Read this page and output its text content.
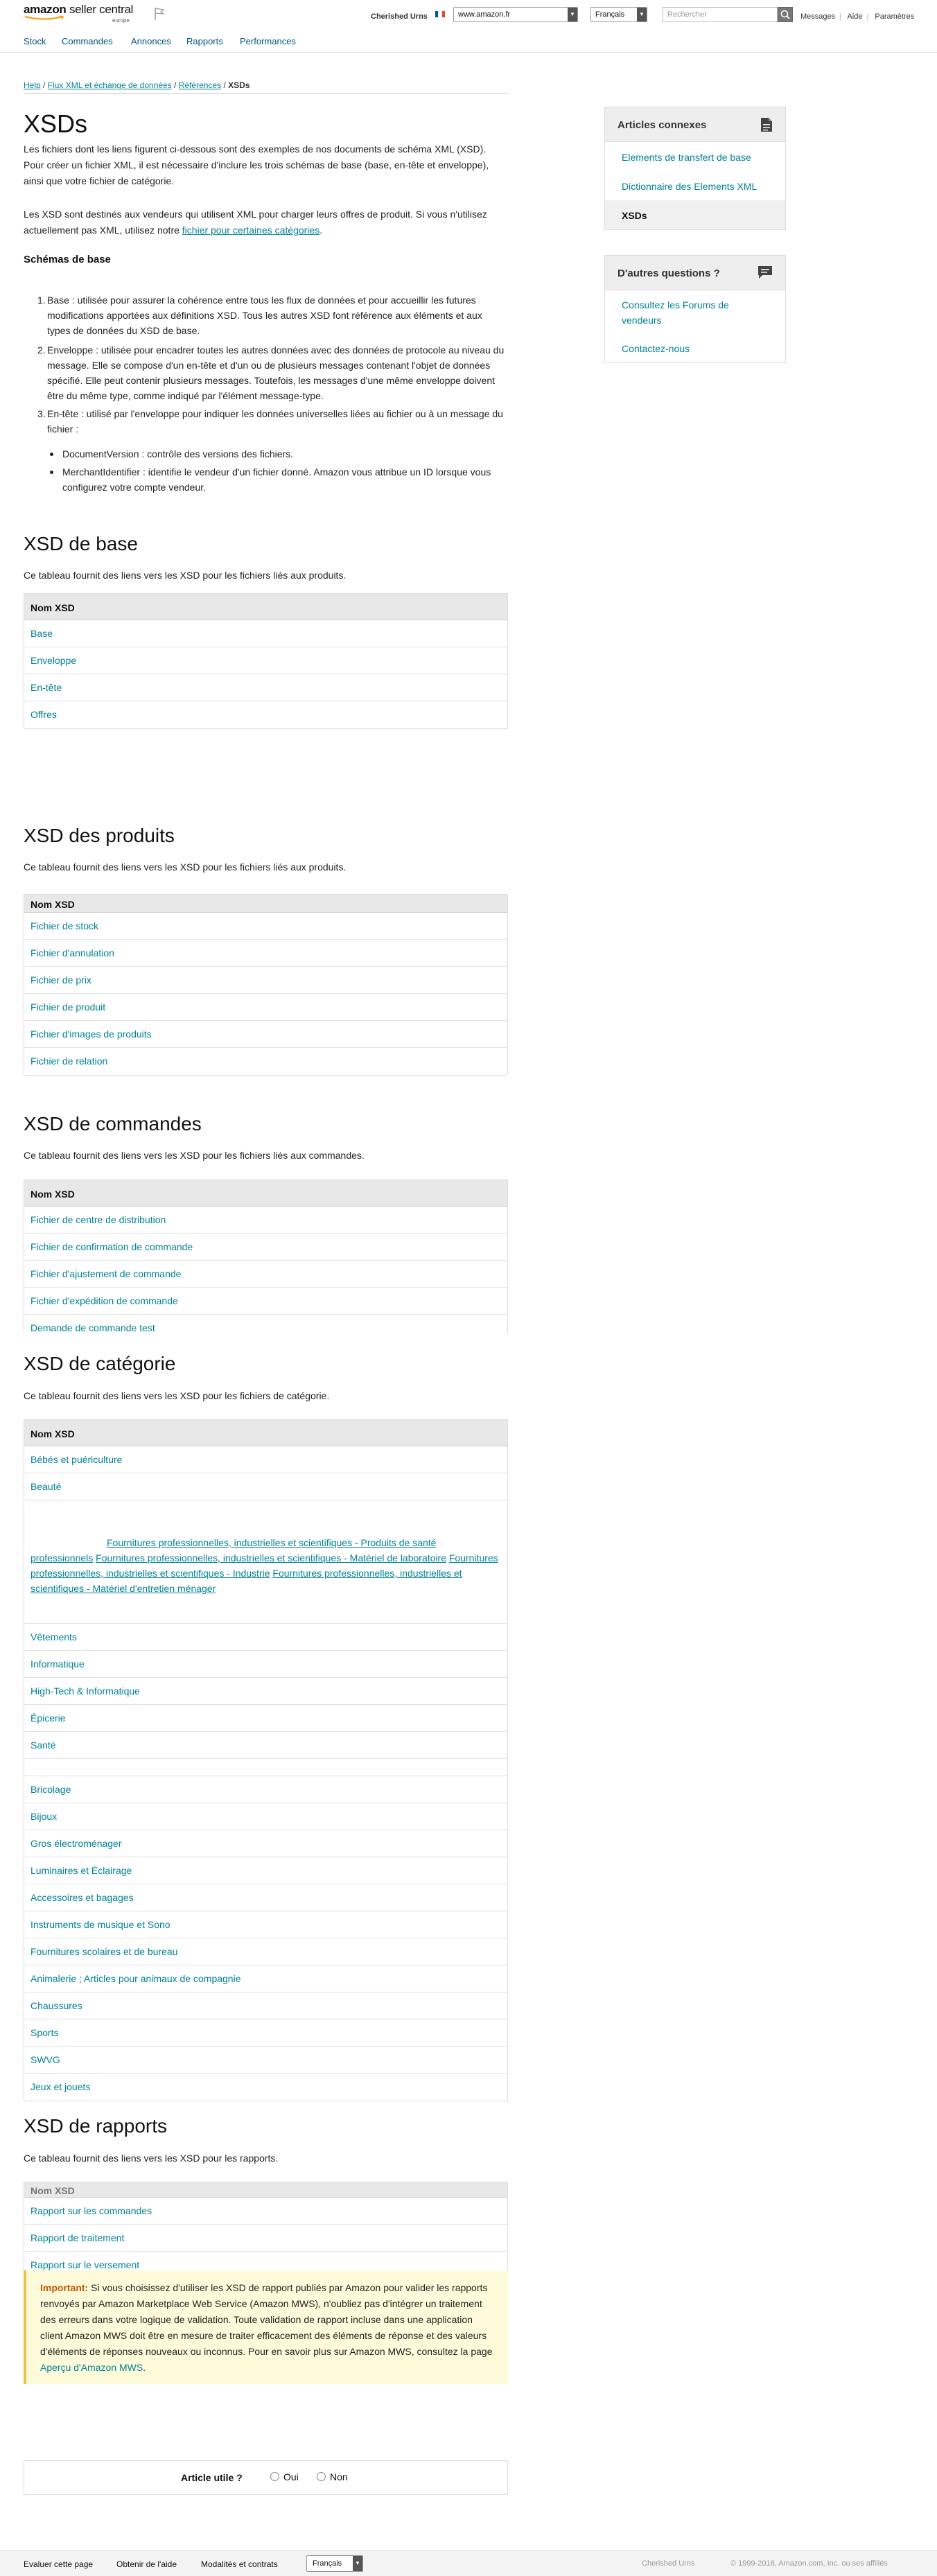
amazon seller central
europe	Cherished Urns	www.amazon.fr	▼	Français	▼	Rechercher	Messages | Aide | Paramètres
Stock Commandes Annonces Rapports Performances
Help / Flux XML et échange de données / Références / XSDs
XSDs

Les fichiers dont les liens figurent ci-dessous sont des exemples de nos documents de schéma XML (XSD). Pour créer un fichier XML, il est nécessaire d'inclure les trois schémas de base (base, en-tête et enveloppe), ainsi que votre fichier de catégorie.

Les XSD sont destinés aux vendeurs qui utilisent XML pour charger leurs offres de produit. Si vous n'utilisez actuellement pas XML, utilisez notre fichier pour certaines catégories.

Schémas de base
1. Base : utilisée pour assurer la cohérence entre tous les flux de données et pour accueillir les futures modifications apportées aux définitions XSD. Tous les autres XSD font référence aux éléments et aux types de données du XSD de base.
2. Enveloppe : utilisée pour encadrer toutes les autres données avec des données de protocole au niveau du message. Elle se compose d'un en-tête et d'un ou de plusieurs messages contenant l'objet de données spécifié. Elle peut contenir plusieurs messages. Toutefois, les messages d'une même enveloppe doivent être du même type, comme indiqué par l'élément message-type.
3. En-tête : utilisé par l'enveloppe pour indiquer les données universelles liées au fichier ou à un message du fichier :
DocumentVersion : contrôle des versions des fichiers.
MerchantIdentifier : identifie le vendeur d'un fichier donné. Amazon vous attribue un ID lorsque vous configurez votre compte vendeur.
XSD de base

Ce tableau fournit des liens vers les XSD pour les fichiers liés aux produits.

Nom XSD
Base
Enveloppe
En-tête
Offres
XSD des produits

Ce tableau fournit des liens vers les XSD pour les fichiers liés aux produits.

Nom XSD
Fichier de stock
Fichier d'annulation
Fichier de prix
Fichier de produit
Fichier d'images de produits
Fichier de relation
XSD de commandes

Ce tableau fournit des liens vers les XSD pour les fichiers liés aux commandes.

Nom XSD
Fichier de centre de distribution
Fichier de confirmation de commande
Fichier d'ajustement de commande
Fichier d'expédition de commande
Demande de commande test
XSD de catégorie

Ce tableau fournit des liens vers les XSD pour les fichiers de catégorie.

Nom XSD
Bébés et puériculture
Beauté
Fournitures professionnelles, industrielles et scientifiques - Produits de santé professionnels Fournitures professionnelles, industrielles et scientifiques - Matériel de laboratoire Fournitures professionnelles, industrielles et scientifiques - Industrie Fournitures professionnelles, industrielles et scientifiques - Matériel d'entretien ménager
Vêtements
Informatique
High-Tech & Informatique
Épicerie
Santé
Bricolage
Bijoux
Gros électroménager
Luminaires et Éclairage
Accessoires et bagages
Instruments de musique et Sono
Fournitures scolaires et de bureau
Animalerie ; Articles pour animaux de compagnie
Chaussures
Sports
SWVG
Jeux et jouets
XSD de rapports

Ce tableau fournit des liens vers les XSD pour les rapports.

Nom XSD
Rapport sur les commandes
Rapport de traitement
Rapport sur le versement
Important: Si vous choisissez d'utiliser les XSD de rapport publiés par Amazon pour valider les rapports renvoyés par Amazon Marketplace Web Service (Amazon MWS), n'oubliez pas d'intégrer un traitement des erreurs dans votre logique de validation. Toute validation de rapport incluse dans une application client Amazon MWS doit être en mesure de traiter efficacement des éléments de réponse et des valeurs d'éléments de réponses nouveaux ou inconnus. Pour en savoir plus sur Amazon MWS, consultez la page Aperçu d'Amazon MWS.
Article utile ?	Oui	Non
Articles connexes
Elements de transfert de base
Dictionnaire des Elements XML
XSDs
D'autres questions ?
Consultez les Forums de vendeurs
Contactez-nous
Evaluer cette page	Obtenir de l'aide	Modalités et contrats	Français	▼	Cherished Urns	© 1999-2018, Amazon.com, Inc. ou ses affiliés
